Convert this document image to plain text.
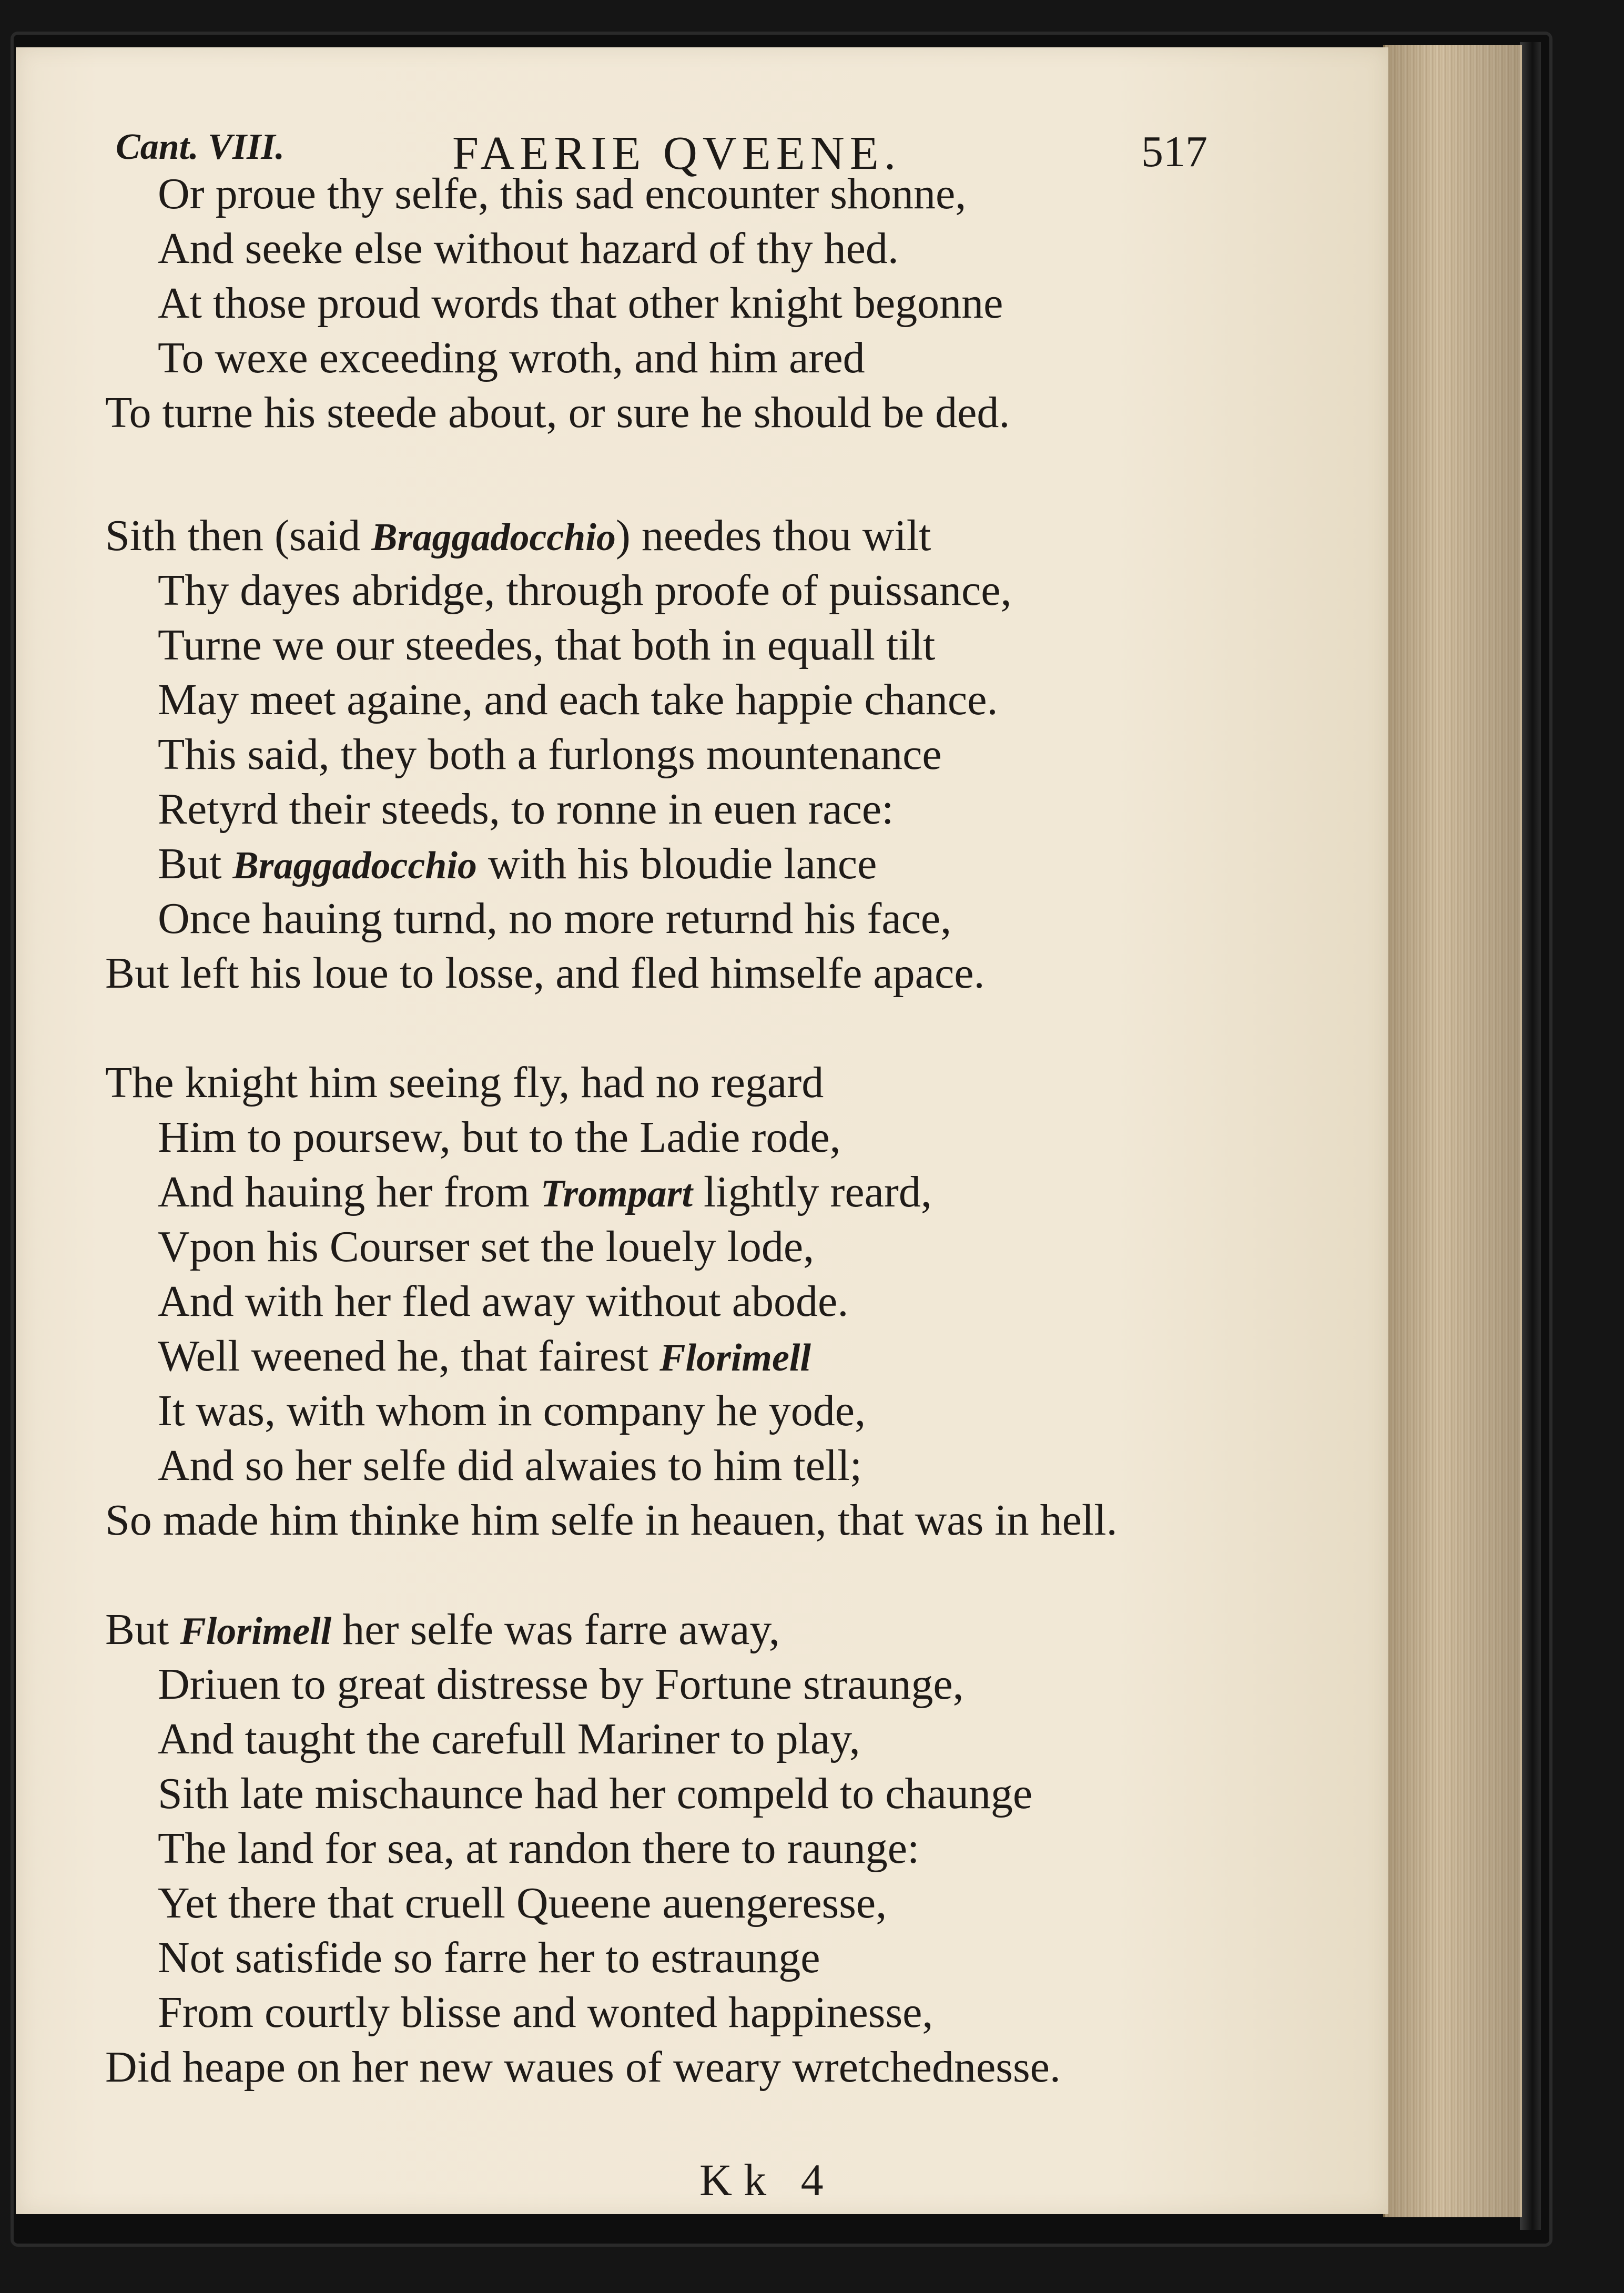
Cant. VIII.	FAERIE QVEENE.	517
Or proue thy selfe, this sad encounter shonne,
And seeke else without hazard of thy hed.
At those proud words that other knight begonne
To wexe exceeding wroth, and him ared
To turne his steede about, or sure he should be ded.
Sith then (said Braggadocchio) needes thou wilt
Thy dayes abridge, through proofe of puissance,
Turne we our steedes, that both in equall tilt
May meet againe, and each take happie chance.
This said, they both a furlongs mountenance
Retyrd their steeds, to ronne in euen race:
But Braggadocchio with his bloudie lance
Once hauing turnd, no more returnd his face,
But left his loue to losse, and fled himselfe apace.
The knight him seeing fly, had no regard
Him to poursew, but to the Ladie rode,
And hauing her from Trompart lightly reard,
Vpon his Courser set the louely lode,
And with her fled away without abode.
Well weened he, that fairest Florimell
It was, with whom in company he yode,
And so her selfe did alwaies to him tell;
So made him thinke him selfe in heauen, that was in hell.
But Florimell her selfe was farre away,
Driuen to great distresse by Fortune straunge,
And taught the carefull Mariner to play,
Sith late mischaunce had her compeld to chaunge
The land for sea, at randon there to raunge:
Yet there that cruell Queene auengeresse,
Not satisfide so farre her to estraunge
From courtly blisse and wonted happinesse,
Did heape on her new waues of weary wretchednesse.
Kk 4
